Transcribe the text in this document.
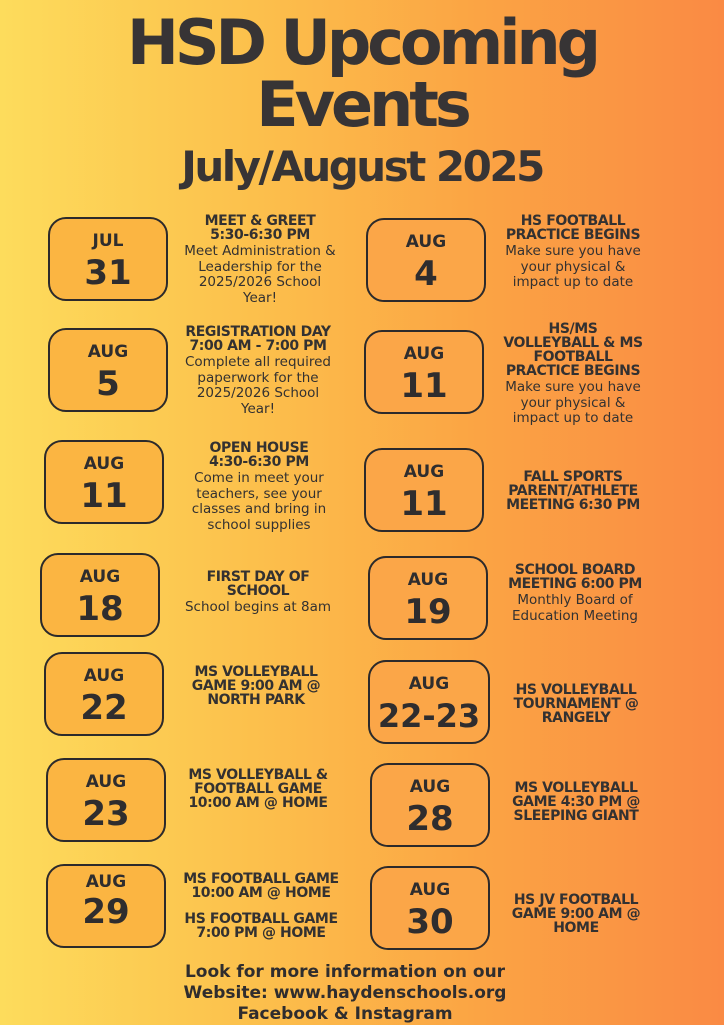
HSD Upcoming
Events
July/August 2025
JUL
31
MEET & GREET
5:30-6:30 PM
Meet Administration &
Leadership for the
2025/2026 School
Year!
AUG
5
REGISTRATION DAY
7:00 AM - 7:00 PM
Complete all required
paperwork for the
2025/2026 School
Year!
AUG
11
OPEN HOUSE
4:30-6:30 PM
Come in meet your
teachers, see your
classes and bring in
school supplies
AUG
18
FIRST DAY OF
SCHOOL
School begins at 8am
AUG
22
MS VOLLEYBALL
GAME 9:00 AM @
NORTH PARK
AUG
23
MS VOLLEYBALL &
FOOTBALL GAME
10:00 AM @ HOME
AUG
29
MS FOOTBALL GAME
10:00 AM @ HOME
HS FOOTBALL GAME
7:00 PM @ HOME
AUG
4
HS FOOTBALL
PRACTICE BEGINS
Make sure you have
your physical &
impact up to date
AUG
11
HS/MS
VOLLEYBALL & MS
FOOTBALL
PRACTICE BEGINS
Make sure you have
your physical &
impact up to date
AUG
11
FALL SPORTS
PARENT/ATHLETE
MEETING 6:30 PM
AUG
19
SCHOOL BOARD
MEETING 6:00 PM
Monthly Board of
Education Meeting
AUG
22-23
HS VOLLEYBALL
TOURNAMENT @
RANGELY
AUG
28
MS VOLLEYBALL
GAME 4:30 PM @
SLEEPING GIANT
AUG
30
HS JV FOOTBALL
GAME 9:00 AM @
HOME
Look for more information on our
Website: www.haydenschools.org
Facebook & Instagram
